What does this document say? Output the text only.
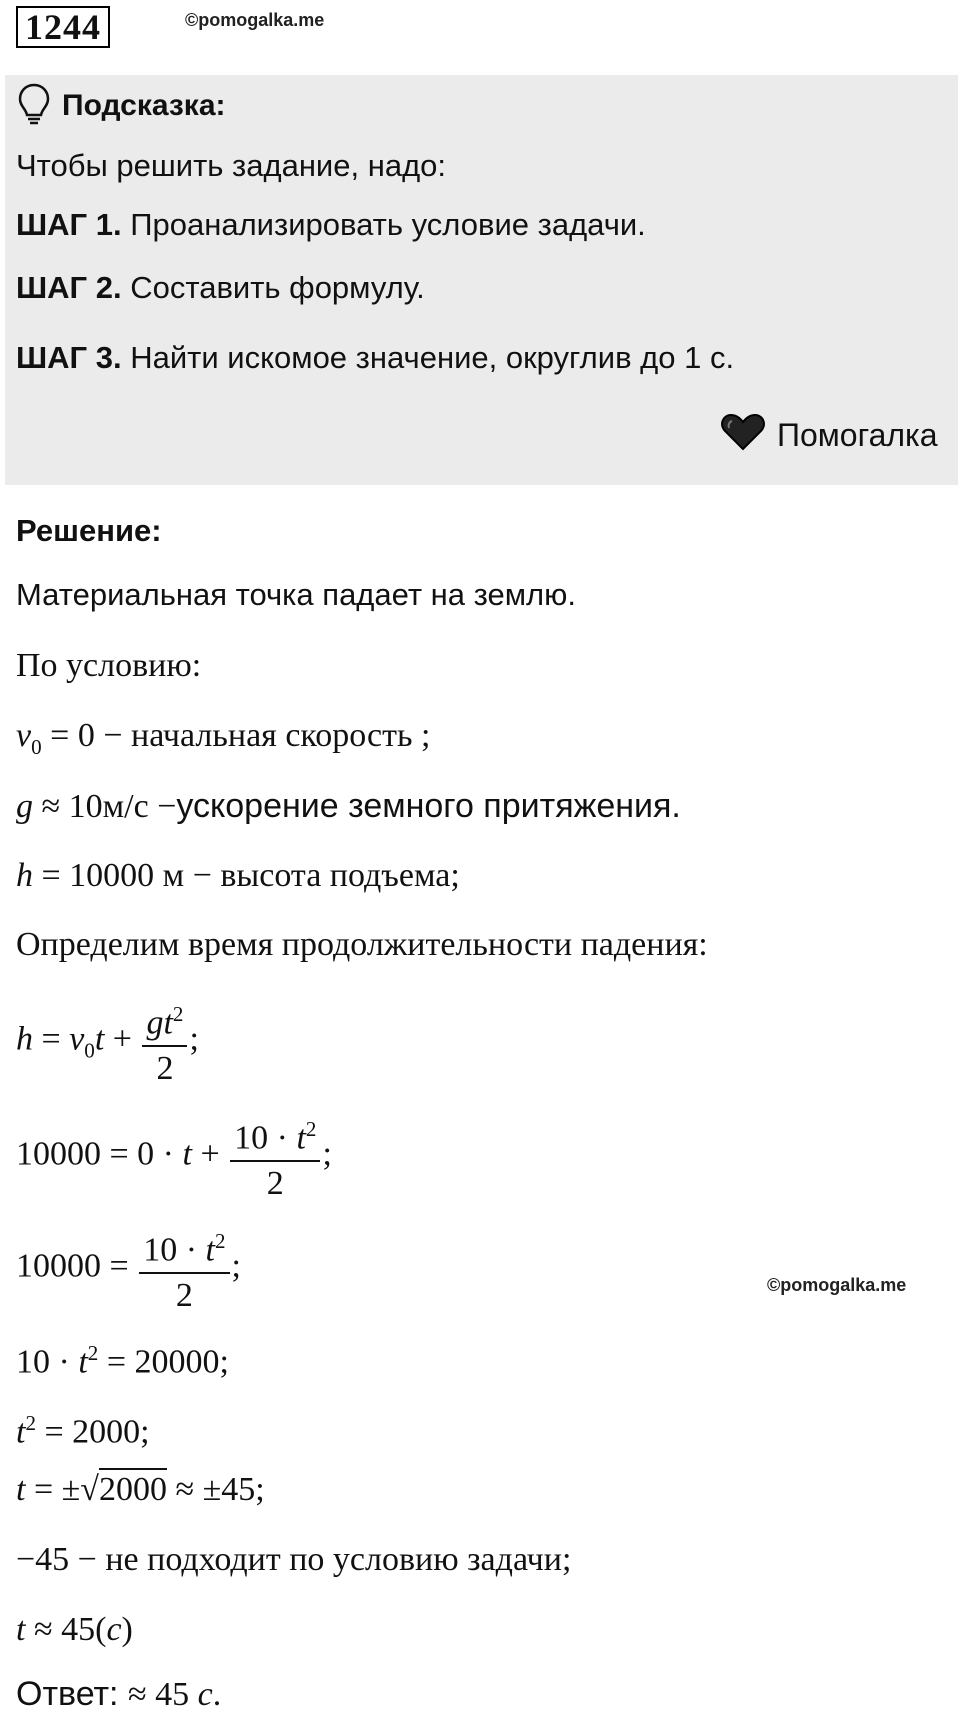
1244	©pomogalka.me
Подсказка:
Чтобы решить задание, надо:
ШАГ 1. Проанализировать условие задачи.
ШАГ 2. Составить формулу.
ШАГ 3. Найти искомое значение, округлив до 1 с.
Помогалка
Решение:
Материальная точка падает на землю.
По условию:
$v_0 = 0$ − начальная скорость ;
g ≈ 10м/с −ускорение земного притяжения.
h = 10000 м − высота подъема;
Определим время продолжительности падения:
$h = v_0t + \frac{gt^2}{2}$ ;
$10000 = 0 \cdot t + \frac{10 \cdot t^2}{2}$ ;
$10000 = \frac{10 \cdot t^2}{2}$ ;
©pomogalka.me
$10 \cdot t^2 = 20000$;
$t^2 = 2000$;
t = ±√2000 ≈ ±45;
−45 − не подходит по условию задачи;
t ≈ 45(c)
Ответ: ≈ 45 с.
